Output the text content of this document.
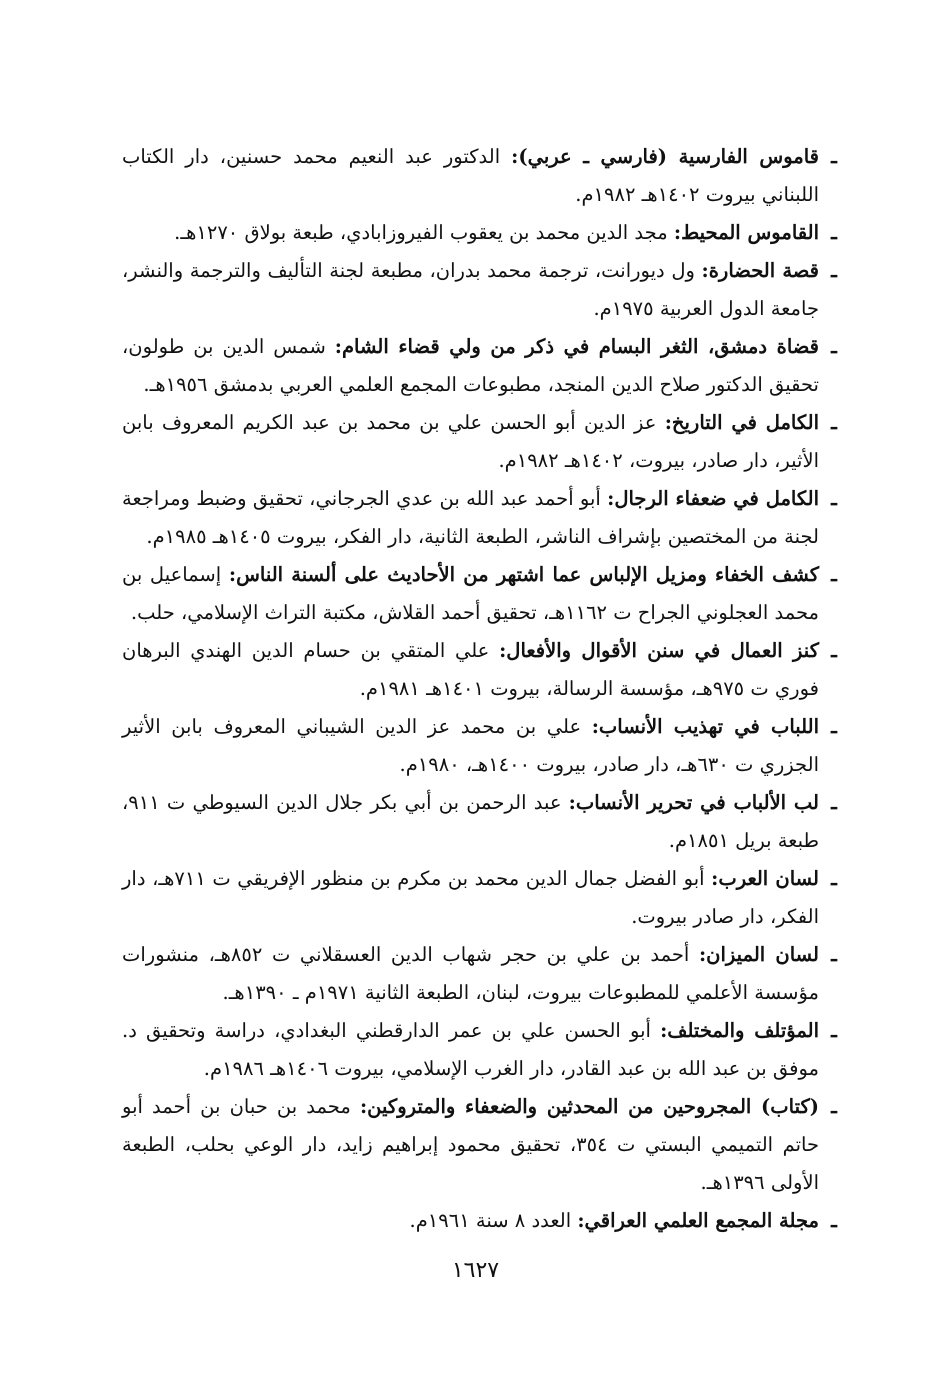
ـ
قاموس الفارسية (فارسي ـ عربي): الدكتور عبد النعيم محمد حسنين، دار الكتاب اللبناني بيروت ١٤٠٢هـ ١٩٨٢م.

ـ
القاموس المحيط: مجد الدين محمد بن يعقوب الفيروزابادي، طبعة بولاق ١٢٧٠هـ.

ـ
قصة الحضارة: ول ديورانت، ترجمة محمد بدران، مطبعة لجنة التأليف والترجمة والنشر، جامعة الدول العربية ١٩٧٥م.

ـ
قضاة دمشق، الثغر البسام في ذكر من ولي قضاء الشام: شمس الدين بن طولون، تحقيق الدكتور صلاح الدين المنجد، مطبوعات المجمع العلمي العربي بدمشق ١٩٥٦هـ.

ـ
الكامل في التاريخ: عز الدين أبو الحسن علي بن محمد بن عبد الكريم المعروف بابن الأثير، دار صادر، بيروت، ١٤٠٢هـ ١٩٨٢م.

ـ
الكامل في ضعفاء الرجال: أبو أحمد عبد الله بن عدي الجرجاني، تحقيق وضبط ومراجعة لجنة من المختصين بإشراف الناشر، الطبعة الثانية، دار الفكر، بيروت ١٤٠٥هـ ١٩٨٥م.

ـ
كشف الخفاء ومزيل الإلباس عما اشتهر من الأحاديث على ألسنة الناس: إسماعيل بن محمد العجلوني الجراح ت ١١٦٢هـ، تحقيق أحمد القلاش، مكتبة التراث الإسلامي، حلب.

ـ
كنز العمال في سنن الأقوال والأفعال: علي المتقي بن حسام الدين الهندي البرهان فوري ت ٩٧٥هـ، مؤسسة الرسالة، بيروت ١٤٠١هـ ١٩٨١م.

ـ
اللباب في تهذيب الأنساب: علي بن محمد عز الدين الشيباني المعروف بابن الأثير الجزري ت ٦٣٠هـ، دار صادر، بيروت ١٤٠٠هـ، ١٩٨٠م.

ـ
لب الألباب في تحرير الأنساب: عبد الرحمن بن أبي بكر جلال الدين السيوطي ت ٩١١، طبعة بريل ١٨٥١م.

ـ
لسان العرب: أبو الفضل جمال الدين محمد بن مكرم بن منظور الإفريقي ت ٧١١هـ، دار الفكر، دار صادر بيروت.

ـ
لسان الميزان: أحمد بن علي بن حجر شهاب الدين العسقلاني ت ٨٥٢هـ، منشورات مؤسسة الأعلمي للمطبوعات بيروت، لبنان، الطبعة الثانية ١٩٧١م ـ ١٣٩٠هـ.

ـ
المؤتلف والمختلف: أبو الحسن علي بن عمر الدارقطني البغدادي، دراسة وتحقيق د. موفق بن عبد الله بن عبد القادر، دار الغرب الإسلامي، بيروت ١٤٠٦هـ ١٩٨٦م.

ـ
(كتاب) المجروحين من المحدثين والضعفاء والمتروكين: محمد بن حبان بن أحمد أبو حاتم التميمي البستي ت ٣٥٤، تحقيق محمود إبراهيم زايد، دار الوعي بحلب، الطبعة الأولى ١٣٩٦هـ.

ـ
مجلة المجمع العلمي العراقي: العدد ٨ سنة ١٩٦١م.

١٦٢٧
